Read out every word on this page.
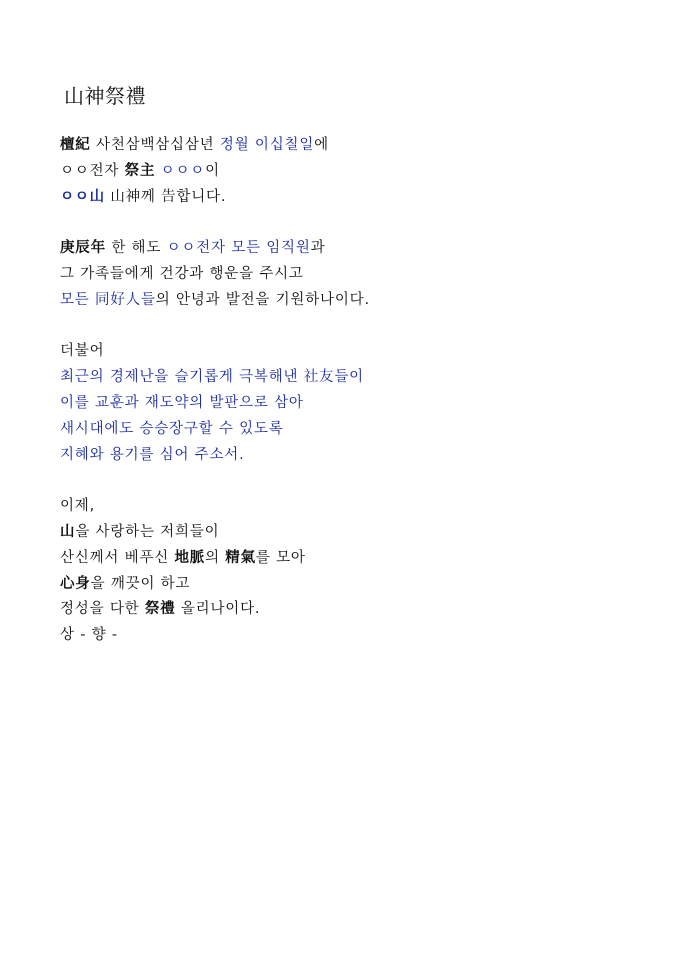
山神祭禮
檀紀 사천삼백삼십삼년 정월 이십칠일에
ㅇㅇ전자 祭主 ㅇㅇㅇ이
ㅇㅇ山 山神께 告합니다.
庚辰年 한 해도 ㅇㅇ전자 모든 임직원과
그 가족들에게 건강과 행운을 주시고
모든 同好人들의 안녕과 발전을 기원하나이다.
더불어
최근의 경제난을 슬기롭게 극복해낸 社友들이
이를 교훈과 재도약의 발판으로 삼아
새시대에도 승승장구할 수 있도록
지혜와 용기를 심어 주소서.
이제,
山을 사랑하는 저희들이
산신께서 베푸신 地脈의 精氣를 모아
心身을 깨끗이 하고
정성을 다한 祭禮 올리나이다.
상 - 향 -
